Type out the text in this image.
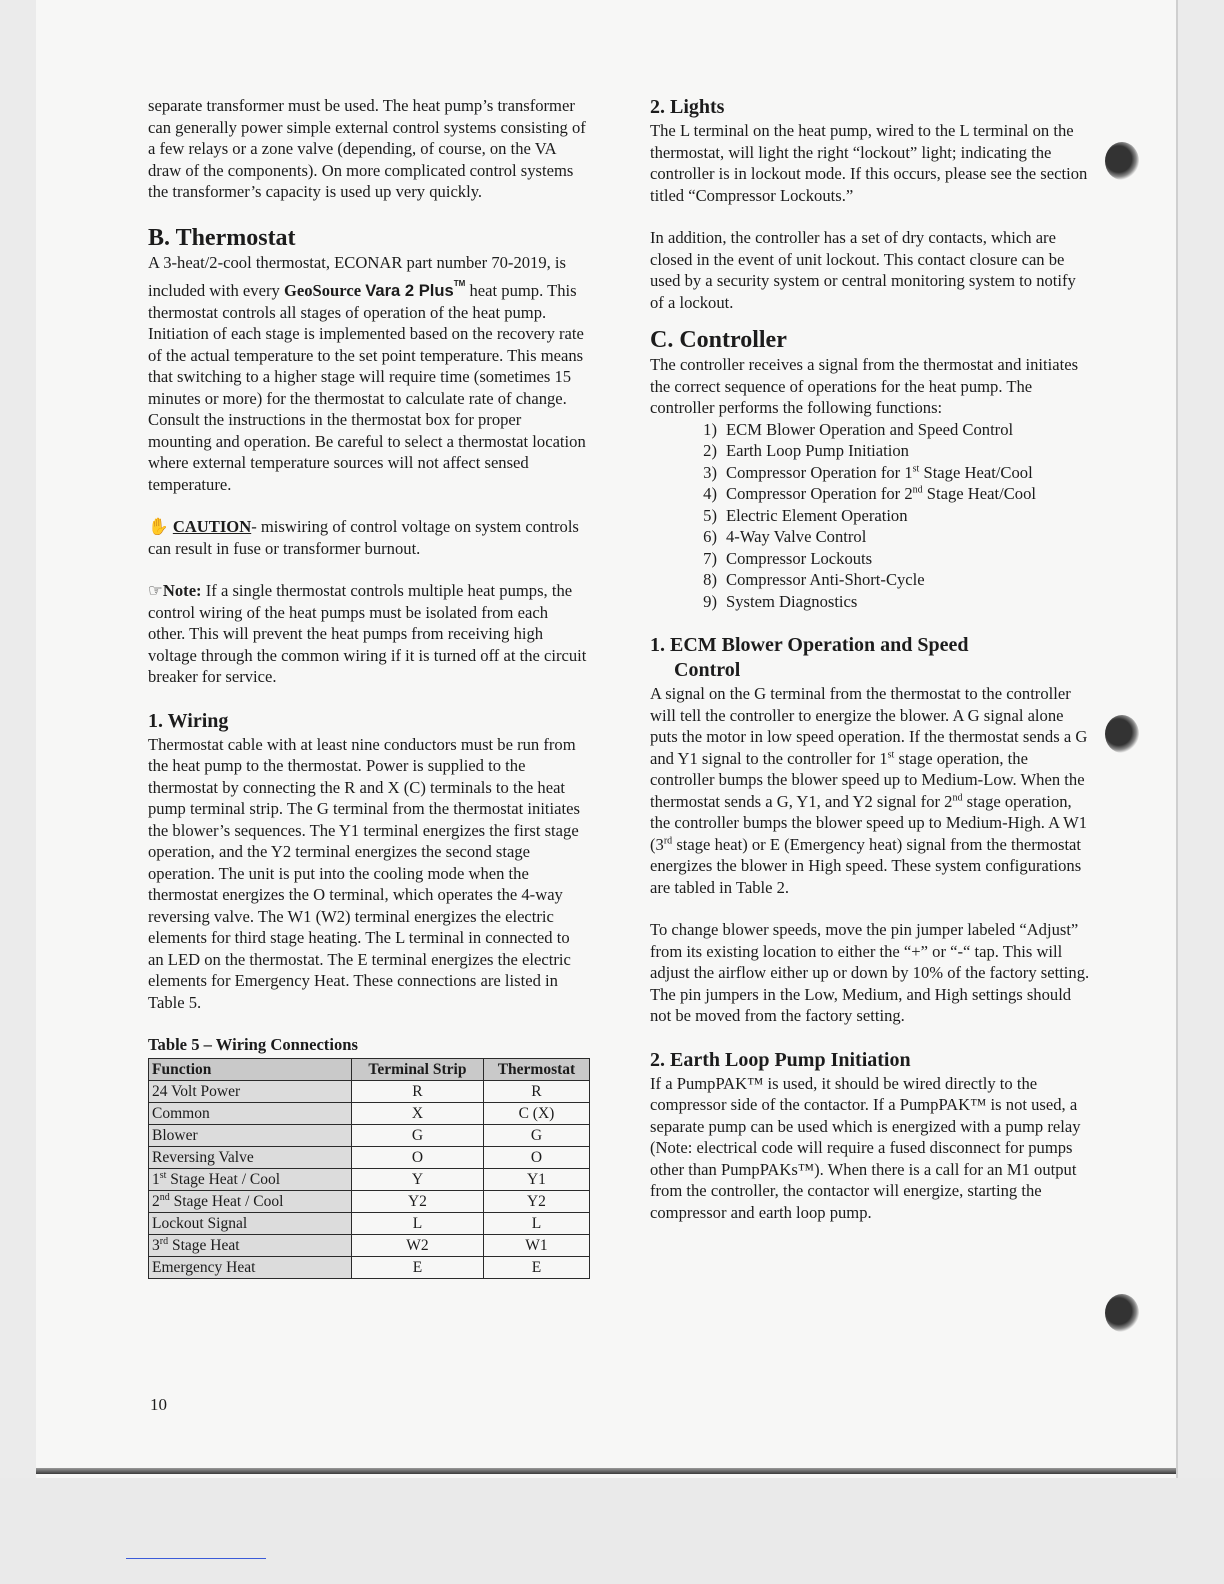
separate transformer must be used. The heat pump’s transformer can generally power simple external control systems consisting of a few relays or a zone valve (depending, of course, on the VA draw of the components). On more complicated control systems the transformer’s capacity is used up very quickly.

B. Thermostat

A 3-heat/2-cool thermostat, ECONAR part number 70-2019, is included with every GeoSource Vara 2 Plus™ heat pump. This thermostat controls all stages of operation of the heat pump. Initiation of each stage is implemented based on the recovery rate of the actual temperature to the set point temperature. This means that switching to a higher stage will require time (sometimes 15 minutes or more) for the thermostat to calculate rate of change. Consult the instructions in the thermostat box for proper mounting and operation. Be careful to select a thermostat location where external temperature sources will not affect sensed temperature.

✋ CAUTION- miswiring of control voltage on system controls can result in fuse or transformer burnout.

☞Note: If a single thermostat controls multiple heat pumps, the control wiring of the heat pumps must be isolated from each other. This will prevent the heat pumps from receiving high voltage through the common wiring if it is turned off at the circuit breaker for service.

1. Wiring

Thermostat cable with at least nine conductors must be run from the heat pump to the thermostat. Power is supplied to the thermostat by connecting the R and X (C) terminals to the heat pump terminal strip. The G terminal from the thermostat initiates the blower’s sequences. The Y1 terminal energizes the first stage operation, and the Y2 terminal energizes the second stage operation. The unit is put into the cooling mode when the thermostat energizes the O terminal, which operates the 4-way reversing valve. The W1 (W2) terminal energizes the electric elements for third stage heating. The L terminal in connected to an LED on the thermostat. The E terminal energizes the electric elements for Emergency Heat. These connections are listed in Table 5.

Table 5 – Wiring Connections
Function	Terminal Strip	Thermostat
24 Volt Power	R	R
Common	X	C (X)
Blower	G	G
Reversing Valve	O	O
1st Stage Heat / Cool	Y	Y1
2nd Stage Heat / Cool	Y2	Y2
Lockout Signal	L	L
3rd Stage Heat	W2	W1
Emergency Heat	E	E
10
2. Lights

The L terminal on the heat pump, wired to the L terminal on the thermostat, will light the right “lockout” light; indicating the controller is in lockout mode. If this occurs, please see the section titled “Compressor Lockouts.”

In addition, the controller has a set of dry contacts, which are closed in the event of unit lockout. This contact closure can be used by a security system or central monitoring system to notify of a lockout.

C. Controller

The controller receives a signal from the thermostat and initiates the correct sequence of operations for the heat pump. The controller performs the following functions:

1) ECM Blower Operation and Speed Control
2) Earth Loop Pump Initiation
3) Compressor Operation for 1st Stage Heat/Cool
4) Compressor Operation for 2nd Stage Heat/Cool
5) Electric Element Operation
6) 4-Way Valve Control
7) Compressor Lockouts
8) Compressor Anti-Short-Cycle
9) System Diagnostics
1. ECM Blower Operation and Speed
Control

A signal on the G terminal from the thermostat to the controller will tell the controller to energize the blower. A G signal alone puts the motor in low speed operation. If the thermostat sends a G and Y1 signal to the controller for 1st stage operation, the controller bumps the blower speed up to Medium-Low. When the thermostat sends a G, Y1, and Y2 signal for 2nd stage operation, the controller bumps the blower speed up to Medium-High. A W1 (3rd stage heat) or E (Emergency heat) signal from the thermostat energizes the blower in High speed. These system configurations are tabled in Table 2.

To change blower speeds, move the pin jumper labeled “Adjust” from its existing location to either the “+” or “-“ tap. This will adjust the airflow either up or down by 10% of the factory setting. The pin jumpers in the Low, Medium, and High settings should not be moved from the factory setting.

2. Earth Loop Pump Initiation

If a PumpPAK™ is used, it should be wired directly to the compressor side of the contactor. If a PumpPAK™ is not used, a separate pump can be used which is energized with a pump relay (Note: electrical code will require a fused disconnect for pumps other than PumpPAKs™). When there is a call for an M1 output from the controller, the contactor will energize, starting the compressor and earth loop pump.
